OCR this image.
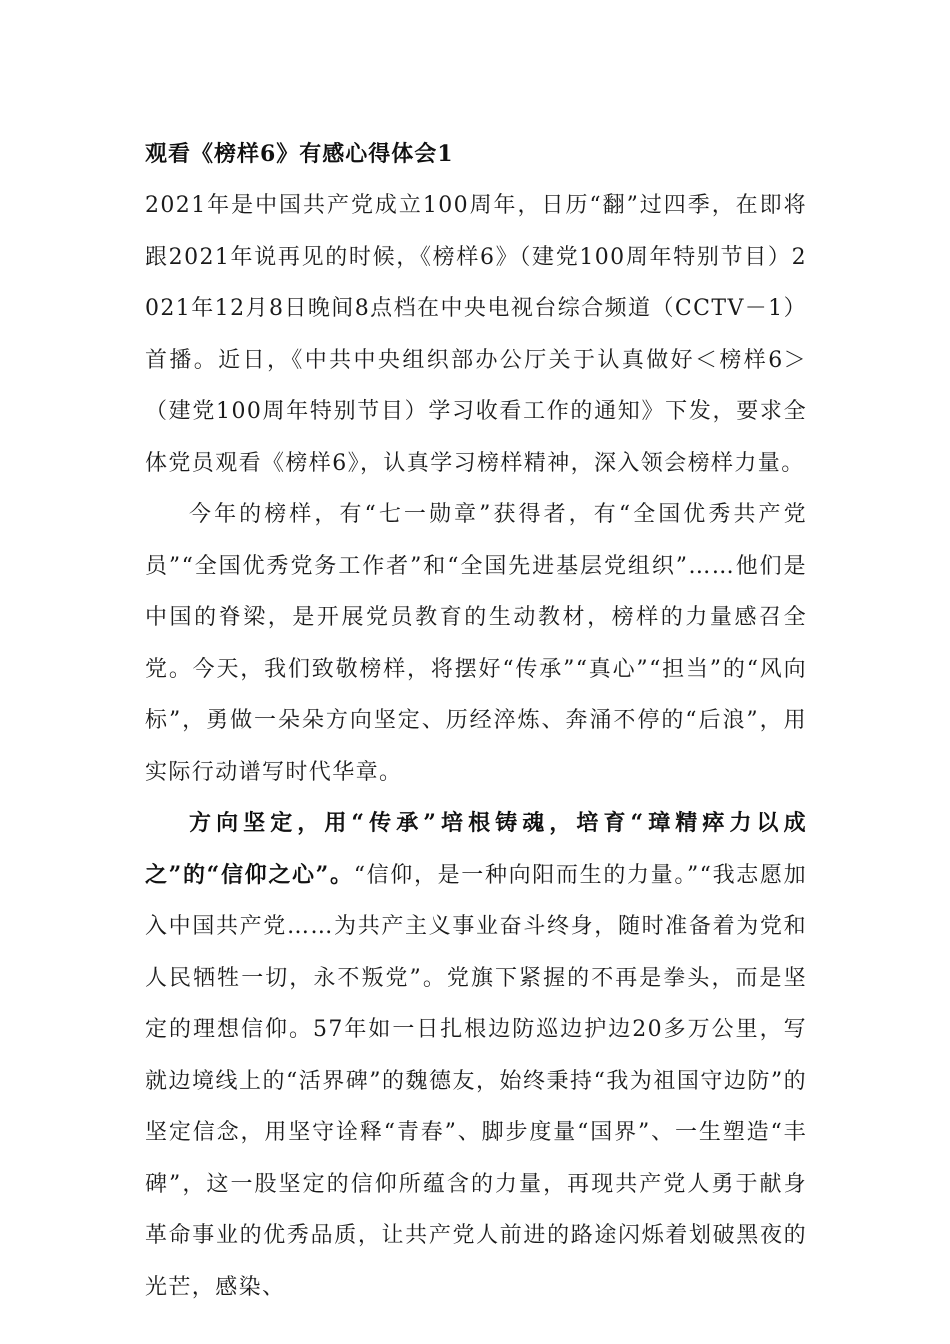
观看《榜样6》有感心得体会1

2021年是中国共产党成立100周年，日历“翻”过四季，在即将跟2021年说再见的时候，《榜样6》（建党100周年特别节目）2021年12月8日晚间8点档在中央电视台综合频道（CCTV－1）首播。近日，《中共中央组织部办公厅关于认真做好＜榜样6＞（建党100周年特别节目）学习收看工作的通知》下发，要求全体党员观看《榜样6》，认真学习榜样精神，深入领会榜样力量。

今年的榜样，有“七一勋章”获得者，有“全国优秀共产党员”“全国优秀党务工作者”和“全国先进基层党组织”……他们是中国的脊梁，是开展党员教育的生动教材，榜样的力量感召全党。今天，我们致敬榜样，将摆好“传承”“真心”“担当”的“风向标”，勇做一朵朵方向坚定、历经淬炼、奔涌不停的“后浪”，用实际行动谱写时代华章。

方向坚定，用“传承”培根铸魂，培育“璋精瘁力以成之”的“信仰之心”。“信仰，是一种向阳而生的力量。”“我志愿加入中国共产党……为共产主义事业奋斗终身，随时准备着为党和人民牺牲一切，永不叛党”。党旗下紧握的不再是拳头，而是坚定的理想信仰。57年如一日扎根边防巡边护边20多万公里，写就边境线上的“活界碑”的魏德友，始终秉持“我为祖国守边防”的坚定信念，用坚守诠释“青春”、脚步度量“国界”、一生塑造“丰碑”，这一股坚定的信仰所蕴含的力量，再现共产党人勇于献身革命事业的优秀品质，让共产党人前进的路途闪烁着划破黑夜的光芒，感染、
